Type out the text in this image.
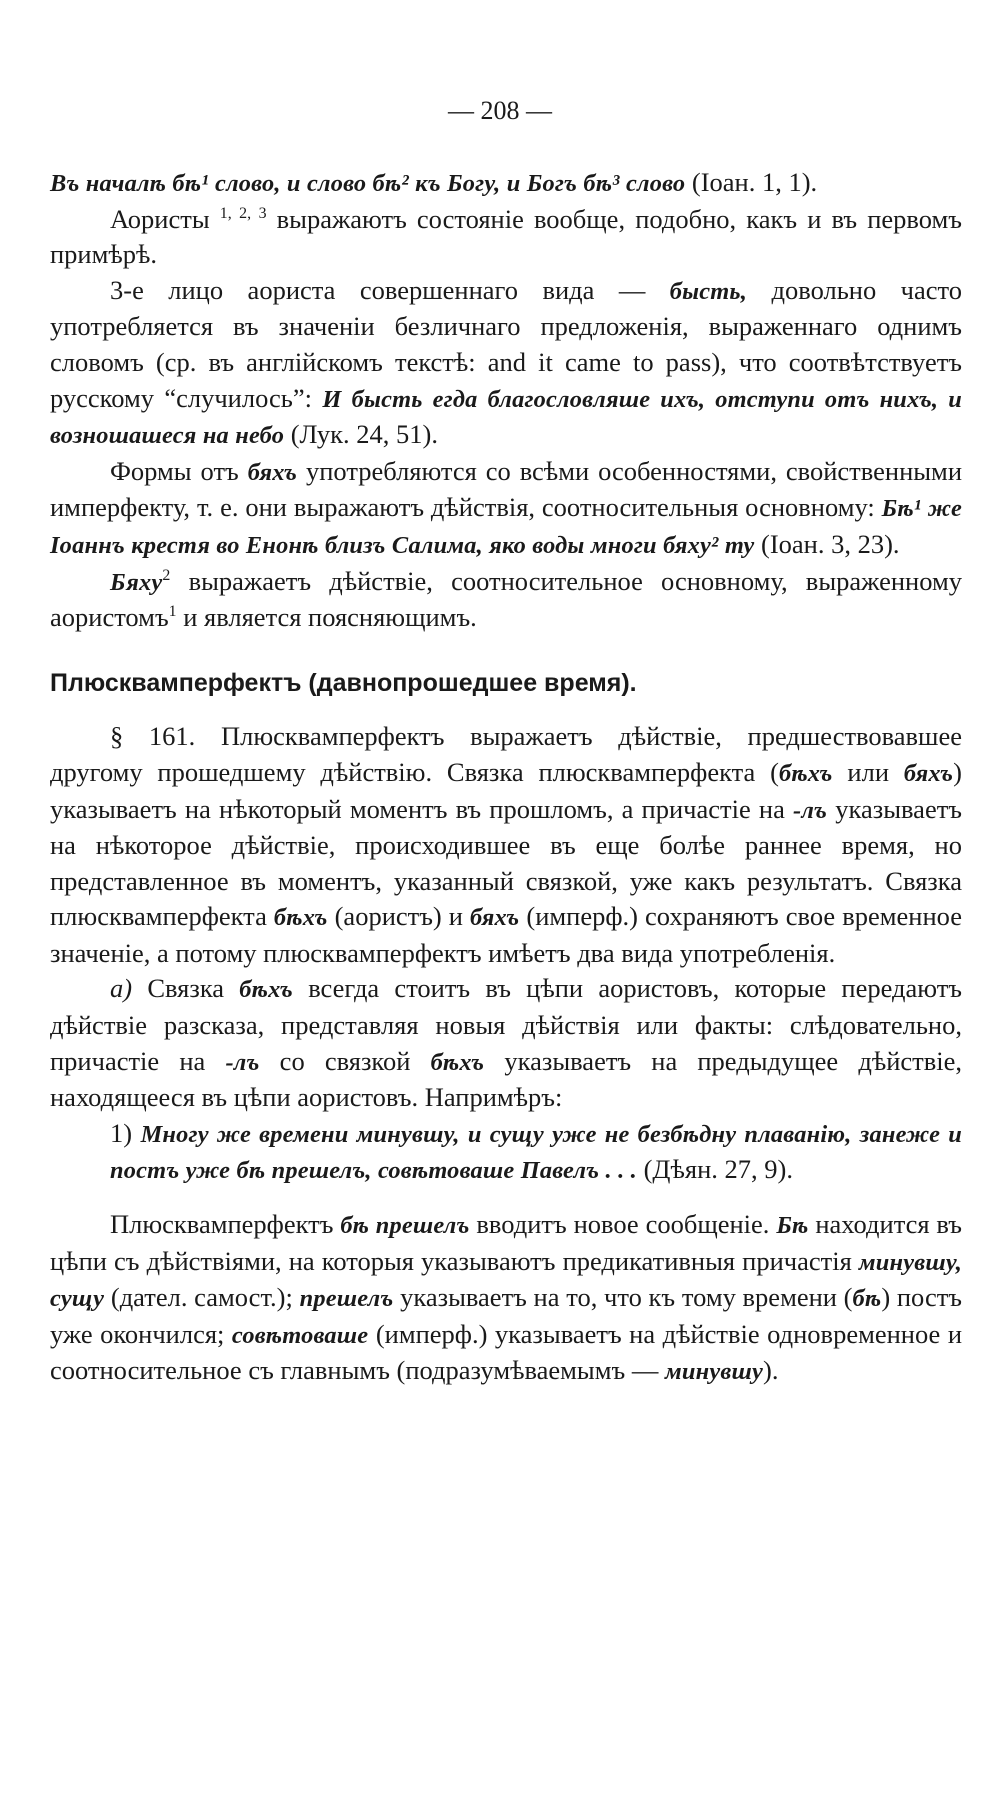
— 208 —

Въ началѣ бѣ¹ слово, и слово бѣ² къ Богу, и Богъ бѣ³ слово (Іоан. 1, 1).

Аористы $^{1, 2, 3}$ выражаютъ состояніе вообще, подобно, какъ и въ первомъ примѣрѣ.

3-е лицо аориста совершеннаго вида — бысть, довольно часто употребляется въ значеніи безличнаго предложенія, выраженнаго однимъ словомъ (ср. въ англійскомъ текстѣ: and it came to pass), что соотвѣтствуетъ русскому “случилось”: И бысть егда благословляше ихъ, отступи отъ нихъ, и возношашеся на небо (Лук. 24, 51).

Формы отъ бяхъ употребляются со всѣми особенностями, свойственными имперфекту, т. е. они выражаютъ дѣйствія, соотносительныя основному: Бѣ¹ же Іоаннъ крестя во Енонѣ близъ Салима, яко воды многи бяху² ту (Іоан. 3, 23).

Бяху$^2$ выражаетъ дѣйствіе, соотносительное основному, выраженному аористомъ$^1$ и является поясняющимъ.

Плюсквамперфектъ (давнопрошедшее время).

§ 161. Плюсквамперфектъ выражаетъ дѣйствіе, предшествовавшее другому прошедшему дѣйствію. Связка плюсквамперфекта (бѣхъ или бяхъ) указываетъ на нѣкоторый моментъ въ прошломъ, а причастіе на -лъ указываетъ на нѣкоторое дѣйствіе, происходившее въ еще болѣе раннее время, но представленное въ моментъ, указанный связкой, уже какъ результатъ. Связка плюсквамперфекта бѣхъ (аористъ) и бяхъ (имперф.) сохраняютъ свое временное значеніе, а потому плюсквамперфектъ имѣетъ два вида употребленія.

а) Связка бѣхъ всегда стоитъ въ цѣпи аористовъ, которые передаютъ дѣйствіе разсказа, представляя новыя дѣйствія или факты: слѣдовательно, причастіе на -лъ со связкой бѣхъ указываетъ на предыдущее дѣйствіе, находящееся въ цѣпи аористовъ. Напримѣръ:

1) Многу же времени минувшу, и сущу уже не безбѣдну плаванію, занеже и постъ уже бѣ прешелъ, совѣтоваше Павелъ . . . (Дѣян. 27, 9).

Плюсквамперфектъ бѣ прешелъ вводитъ новое сообщеніе. Бѣ находится въ цѣпи съ дѣйствіями, на которыя указываютъ предикативныя причастія минувшу, сущу (дател. самост.); прешелъ указываетъ на то, что къ тому времени (бѣ) постъ уже окончился; совѣтоваше (имперф.) указываетъ на дѣйствіе одновременное и соотносительное съ главнымъ (подразумѣваемымъ — минувшу).
